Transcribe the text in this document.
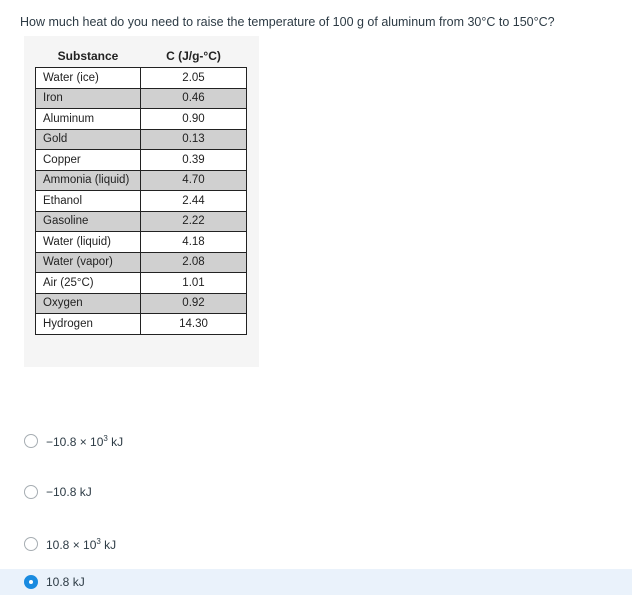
How much heat do you need to raise the temperature of 100 g of aluminum from 30°C to 150°C?
Substance	C (J/g-°C)
Water (ice)	2.05
Iron	0.46
Aluminum	0.90
Gold	0.13
Copper	0.39
Ammonia (liquid)	4.70
Ethanol	2.44
Gasoline	2.22
Water (liquid)	4.18
Water (vapor)	2.08
Air (25°C)	1.01
Oxygen	0.92
Hydrogen	14.30
$-10.8 \times 10^3$ kJ
−10.8 kJ
$10.8 \times 10^3$ kJ
10.8 kJ
